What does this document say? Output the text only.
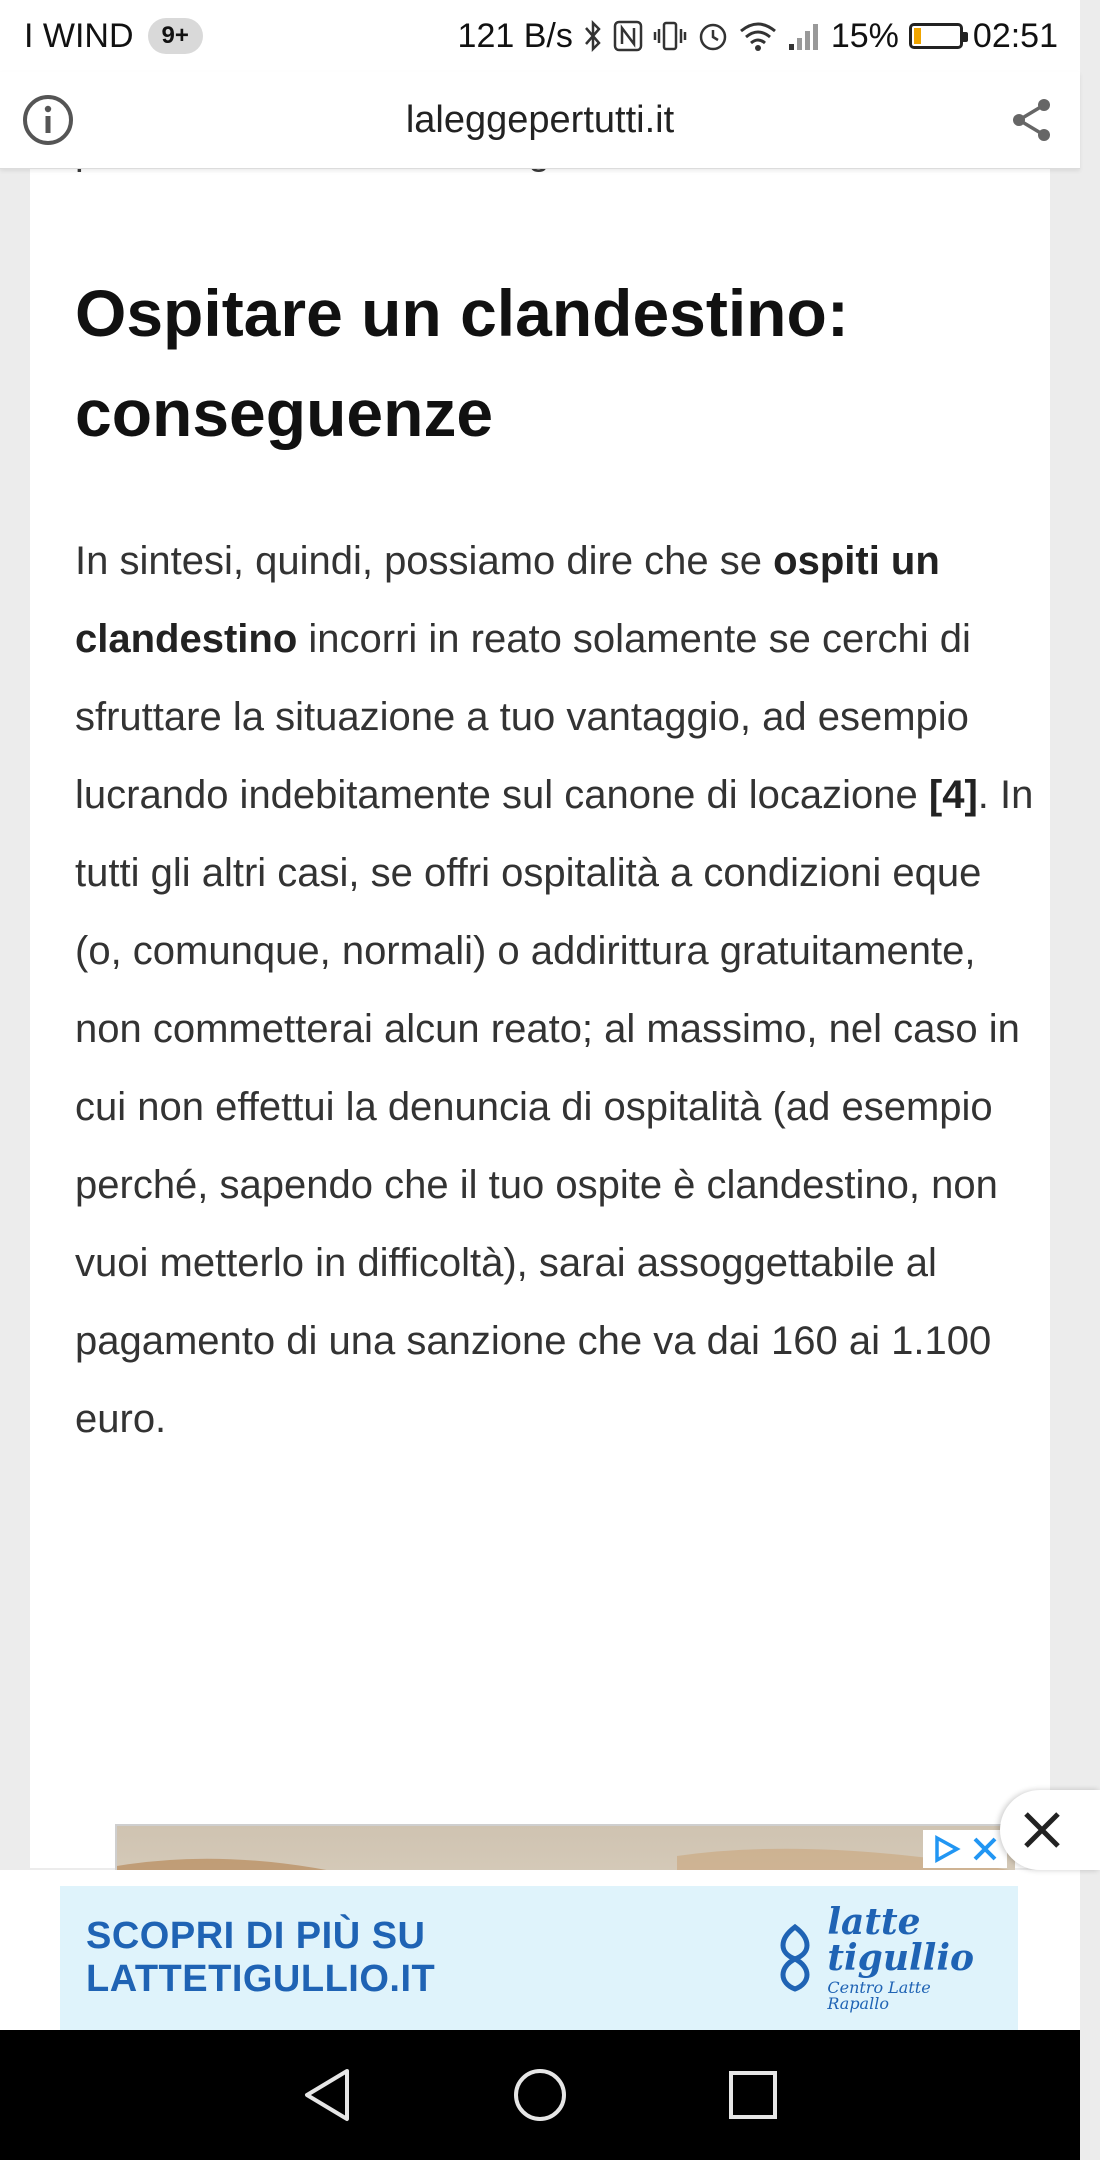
I WIND	9+	121 B/s	15% 02:51
laleggepertutti.it
Ospitare un clandestino: conseguenze

In sintesi, quindi, possiamo dire che se ospiti un clandestino incorri in reato solamente se cerchi di sfruttare la situazione a tuo vantaggio, ad esempio lucrando indebitamente sul canone di locazione [4]. In tutti gli altri casi, se offri ospitalità a condizioni eque (o, comunque, normali) o addirittura gratuitamente, non commetterai alcun reato; al massimo, nel caso in cui non effettui la denuncia di ospitalità (ad esempio perché, sapendo che il tuo ospite è clandestino, non vuoi metterlo in difficoltà), sarai assoggettabile al pagamento di una sanzione che va dai 160 ai 1.100 euro.

SCOPRI DI PIÙ SU LATTETIGULLIO.IT
latte
tigullio
Centro Latte Rapallo
